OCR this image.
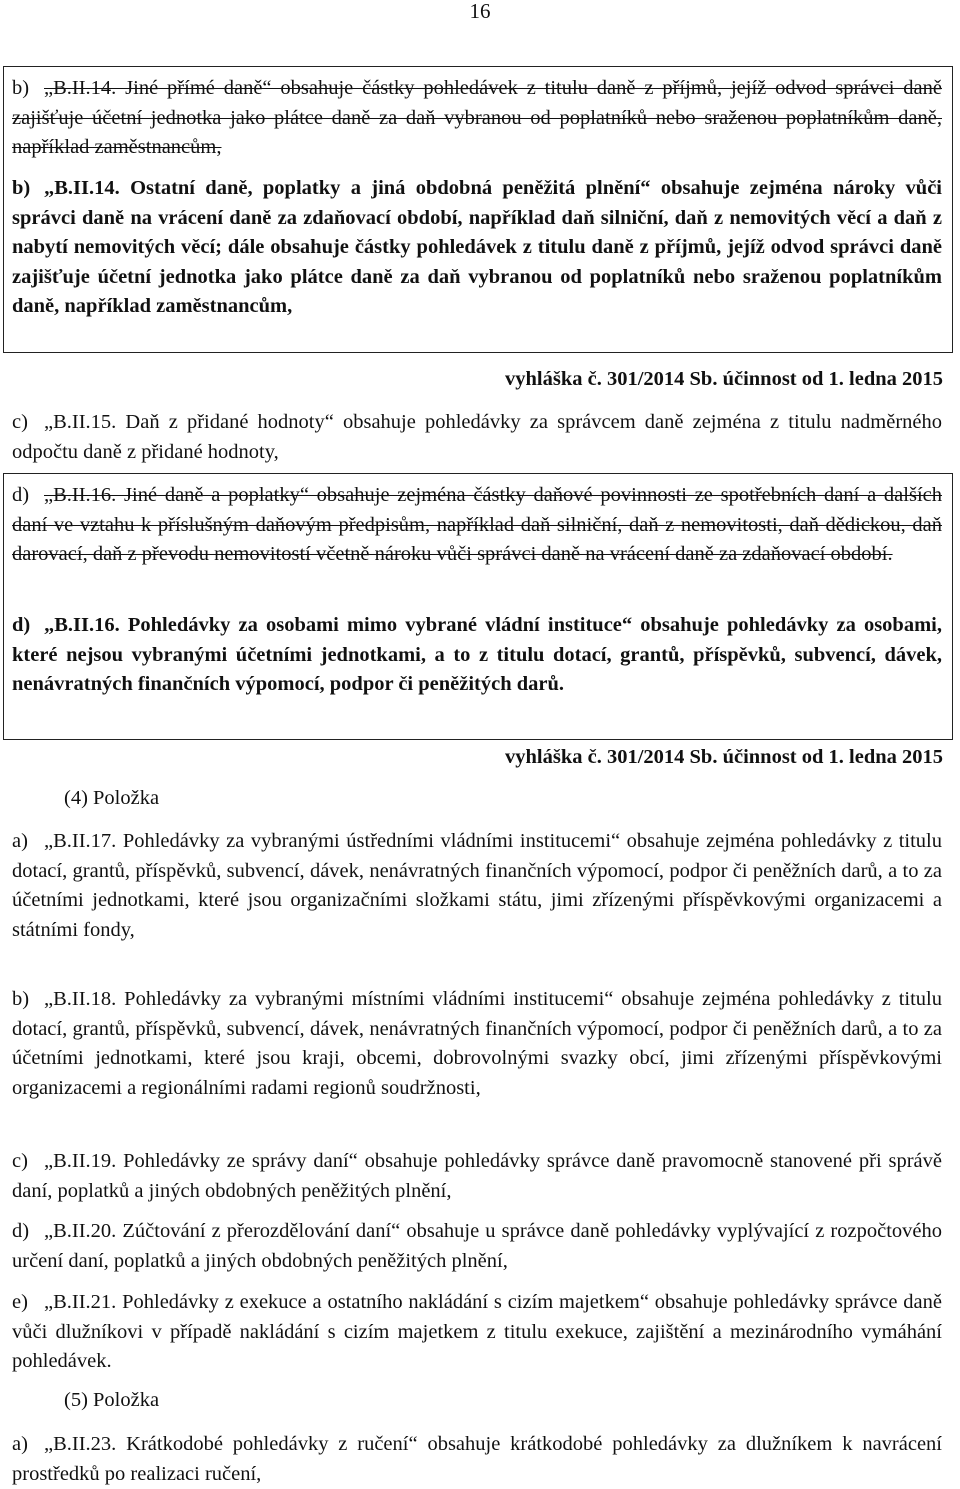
16
b) „B.II.14. Jiné přímé daně“ obsahuje částky pohledávek z titulu daně z příjmů, jejíž odvod správci daně zajišťuje účetní jednotka jako plátce daně za daň vybranou od poplatníků nebo sraženou poplatníkům daně, například zaměstnancům,
b) „B.II.14. Ostatní daně, poplatky a jiná obdobná peněžitá plnění“ obsahuje zejména nároky vůči správci daně na vrácení daně za zdaňovací období, například daň silniční, daň z nemovitých věcí a daň z nabytí nemovitých věcí; dále obsahuje částky pohledávek z titulu daně z příjmů, jejíž odvod správci daně zajišťuje účetní jednotka jako plátce daně za daň vybranou od poplatníků nebo sraženou poplatníkům daně, například zaměstnancům,
vyhláška č. 301/2014 Sb. účinnost od 1. ledna 2015
c) „B.II.15. Daň z přidané hodnoty“ obsahuje pohledávky za správcem daně zejména z titulu nadměrného odpočtu daně z přidané hodnoty,
d) „B.II.16. Jiné daně a poplatky“ obsahuje zejména částky daňové povinnosti ze spotřebních daní a dalších daní ve vztahu k příslušným daňovým předpisům, například daň silniční, daň z nemovitosti, daň dědickou, daň darovací, daň z převodu nemovitostí včetně nároku vůči správci daně na vrácení daně za zdaňovací období.
d) „B.II.16. Pohledávky za osobami mimo vybrané vládní instituce“ obsahuje pohledávky za osobami, které nejsou vybranými účetními jednotkami, a to z titulu dotací, grantů, příspěvků, subvencí, dávek, nenávratných finančních výpomocí, podpor či peněžitých darů.
vyhláška č. 301/2014 Sb. účinnost od 1. ledna 2015
(4) Položka
a) „B.II.17. Pohledávky za vybranými ústředními vládními institucemi“ obsahuje zejména pohledávky z titulu dotací, grantů, příspěvků, subvencí, dávek, nenávratných finančních výpomocí, podpor či peněžních darů, a to za účetními jednotkami, které jsou organizačními složkami státu, jimi zřízenými příspěvkovými organizacemi a státními fondy,
b) „B.II.18. Pohledávky za vybranými místními vládními institucemi“ obsahuje zejména pohledávky z titulu dotací, grantů, příspěvků, subvencí, dávek, nenávratných finančních výpomocí, podpor či peněžních darů, a to za účetními jednotkami, které jsou kraji, obcemi, dobrovolnými svazky obcí, jimi zřízenými příspěvkovými organizacemi a regionálními radami regionů soudržnosti,
c) „B.II.19. Pohledávky ze správy daní“ obsahuje pohledávky správce daně pravomocně stanovené při správě daní, poplatků a jiných obdobných peněžitých plnění,
d) „B.II.20. Zúčtování z přerozdělování daní“ obsahuje u správce daně pohledávky vyplývající z rozpočtového určení daní, poplatků a jiných obdobných peněžitých plnění,
e) „B.II.21. Pohledávky z exekuce a ostatního nakládání s cizím majetkem“ obsahuje pohledávky správce daně vůči dlužníkovi v případě nakládání s cizím majetkem z titulu exekuce, zajištění a mezinárodního vymáhání pohledávek.
(5) Položka
a) „B.II.23. Krátkodobé pohledávky z ručení“ obsahuje krátkodobé pohledávky za dlužníkem k navrácení prostředků po realizaci ručení,
